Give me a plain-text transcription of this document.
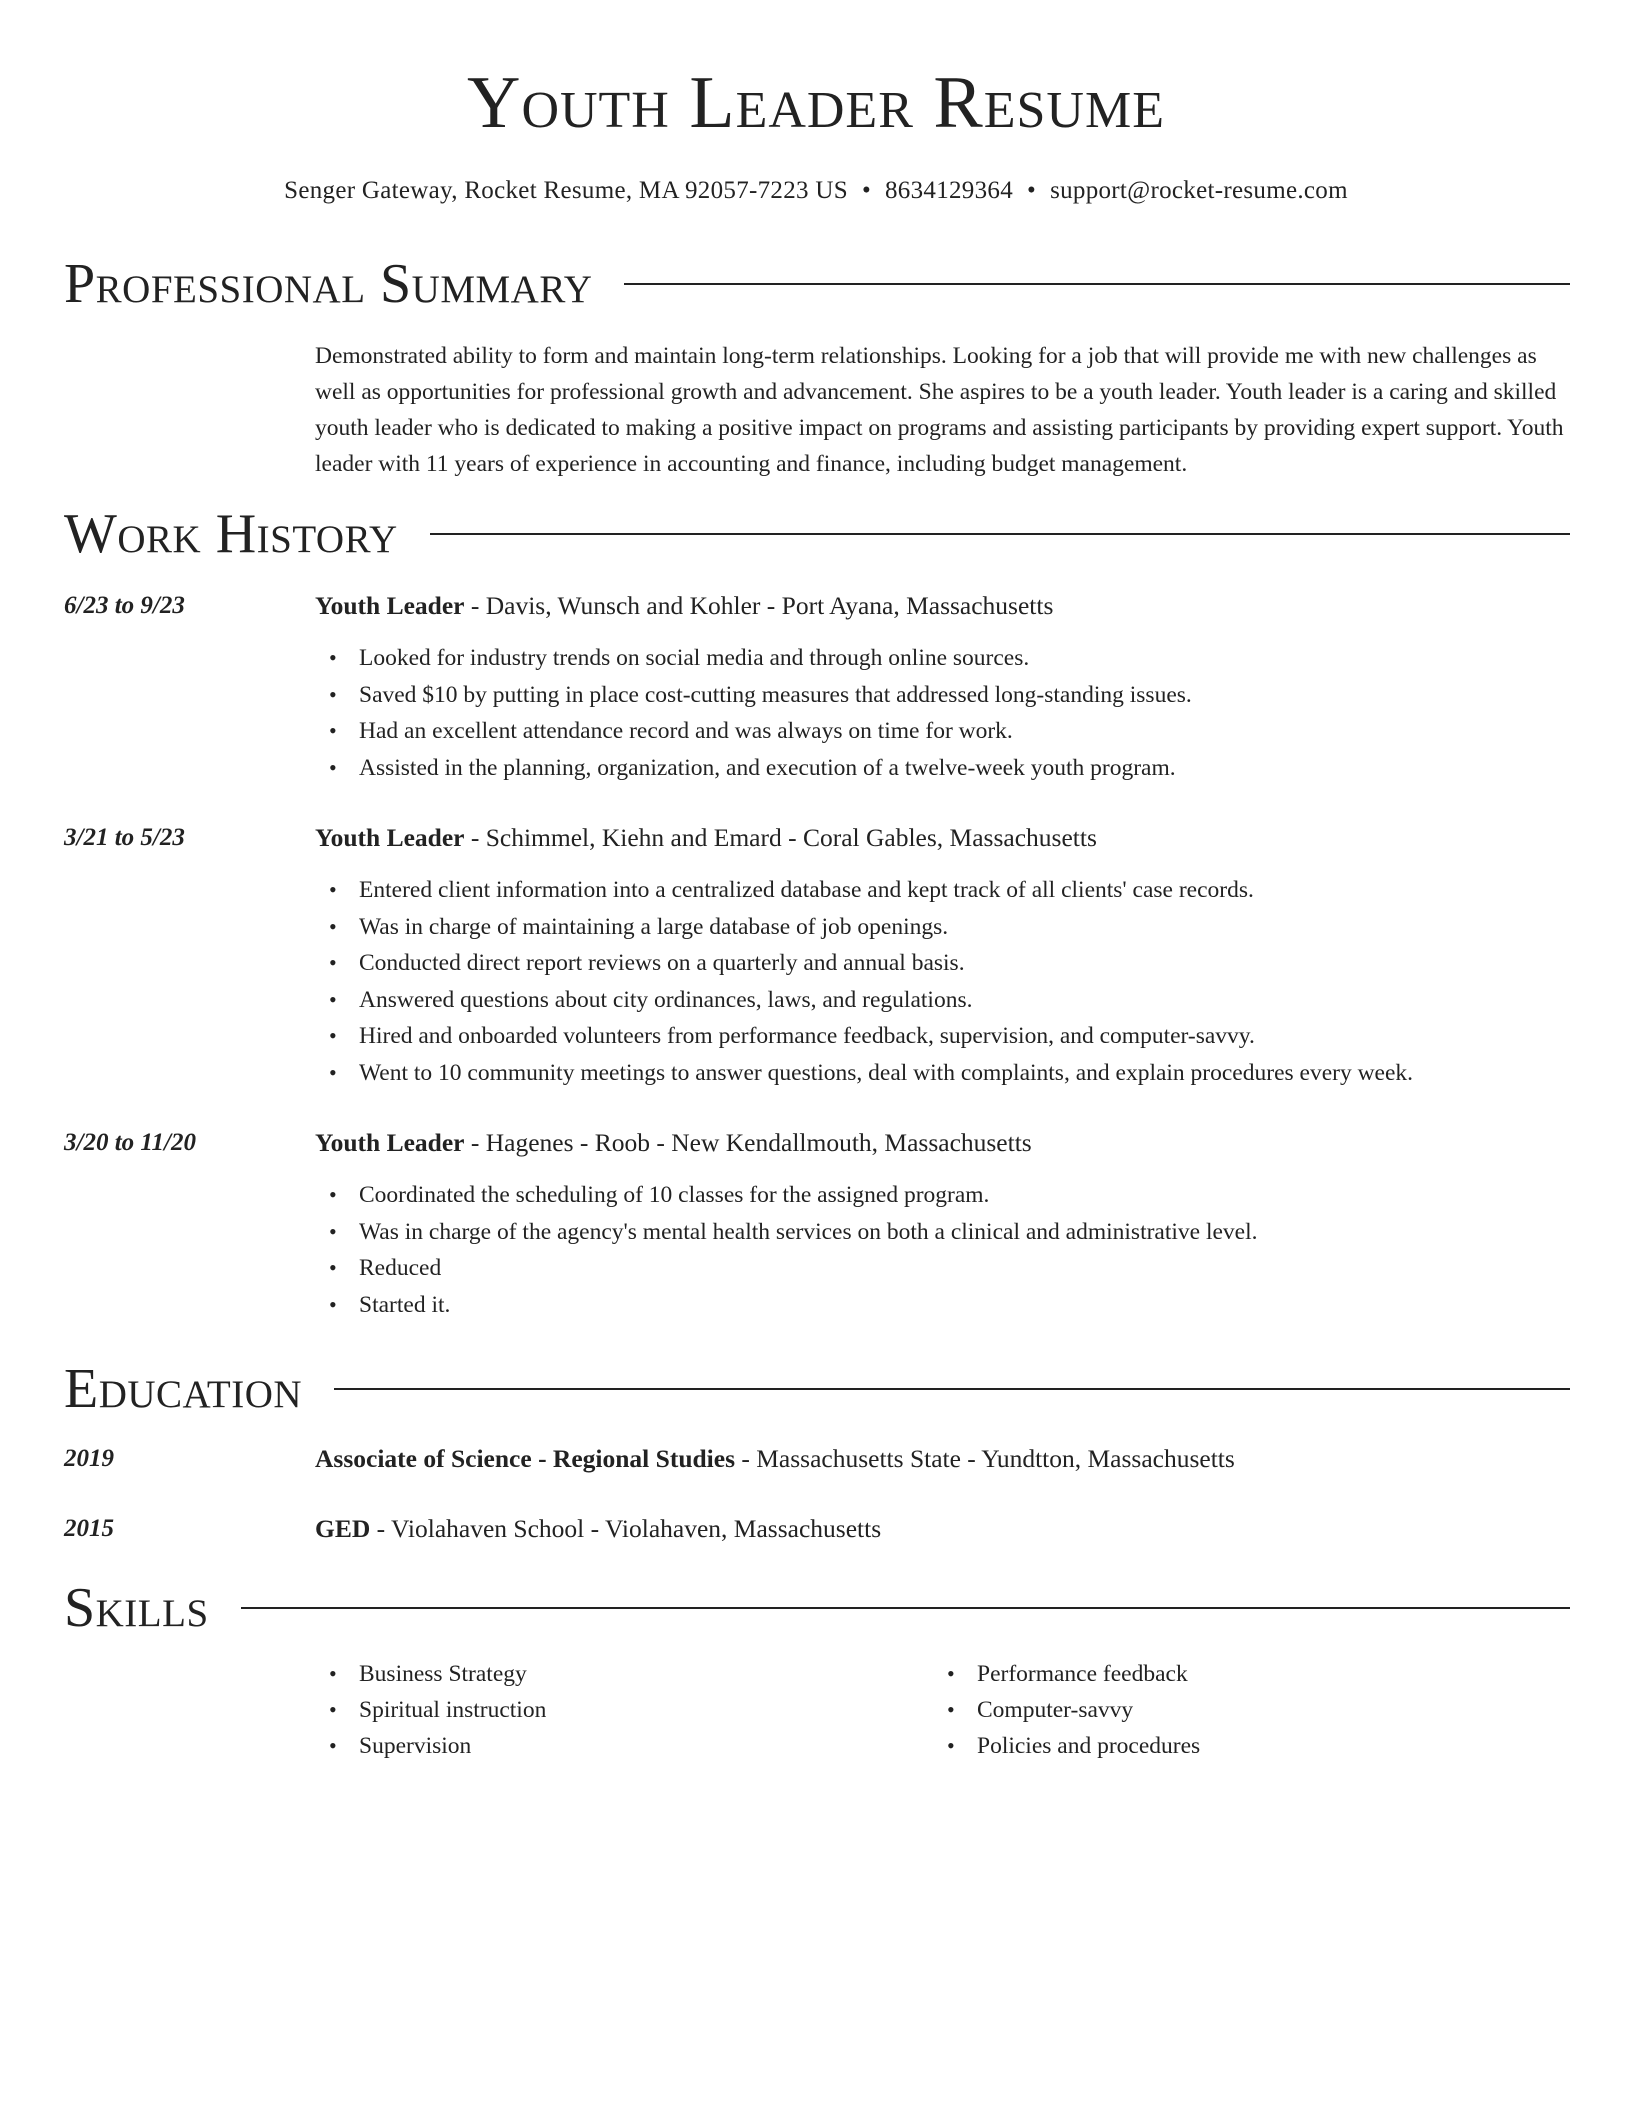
Youth Leader Resume
Senger Gateway, Rocket Resume, MA 92057-7223 US • 8634129364 • support@rocket-resume.com
Professional Summary

Demonstrated ability to form and maintain long-term relationships. Looking for a job that will provide me with new challenges as well as opportunities for professional growth and advancement. She aspires to be a youth leader. Youth leader is a caring and skilled youth leader who is dedicated to making a positive impact on programs and assisting participants by providing expert support. Youth leader with 11 years of experience in accounting and finance, including budget management.

Work History
6/23 to 9/23	Youth Leader - Davis, Wunsch and Kohler - Port Ayana, Massachusetts
• Looked for industry trends on social media and through online sources.
• Saved $10 by putting in place cost-cutting measures that addressed long-standing issues.
• Had an excellent attendance record and was always on time for work.
• Assisted in the planning, organization, and execution of a twelve-week youth program.
3/21 to 5/23	Youth Leader - Schimmel, Kiehn and Emard - Coral Gables, Massachusetts
• Entered client information into a centralized database and kept track of all clients' case records.
• Was in charge of maintaining a large database of job openings.
• Conducted direct report reviews on a quarterly and annual basis.
• Answered questions about city ordinances, laws, and regulations.
• Hired and onboarded volunteers from performance feedback, supervision, and computer-savvy.
• Went to 10 community meetings to answer questions, deal with complaints, and explain procedures every week.
3/20 to 11/20	Youth Leader - Hagenes - Roob - New Kendallmouth, Massachusetts
• Coordinated the scheduling of 10 classes for the assigned program.
• Was in charge of the agency's mental health services on both a clinical and administrative level.
• Reduced
• Started it.
Education
2019	Associate of Science - Regional Studies - Massachusetts State - Yundtton, Massachusetts
2015	GED - Violahaven School - Violahaven, Massachusetts
Skills
• Business Strategy
• Spiritual instruction
• Supervision
• Performance feedback
• Computer-savvy
• Policies and procedures
